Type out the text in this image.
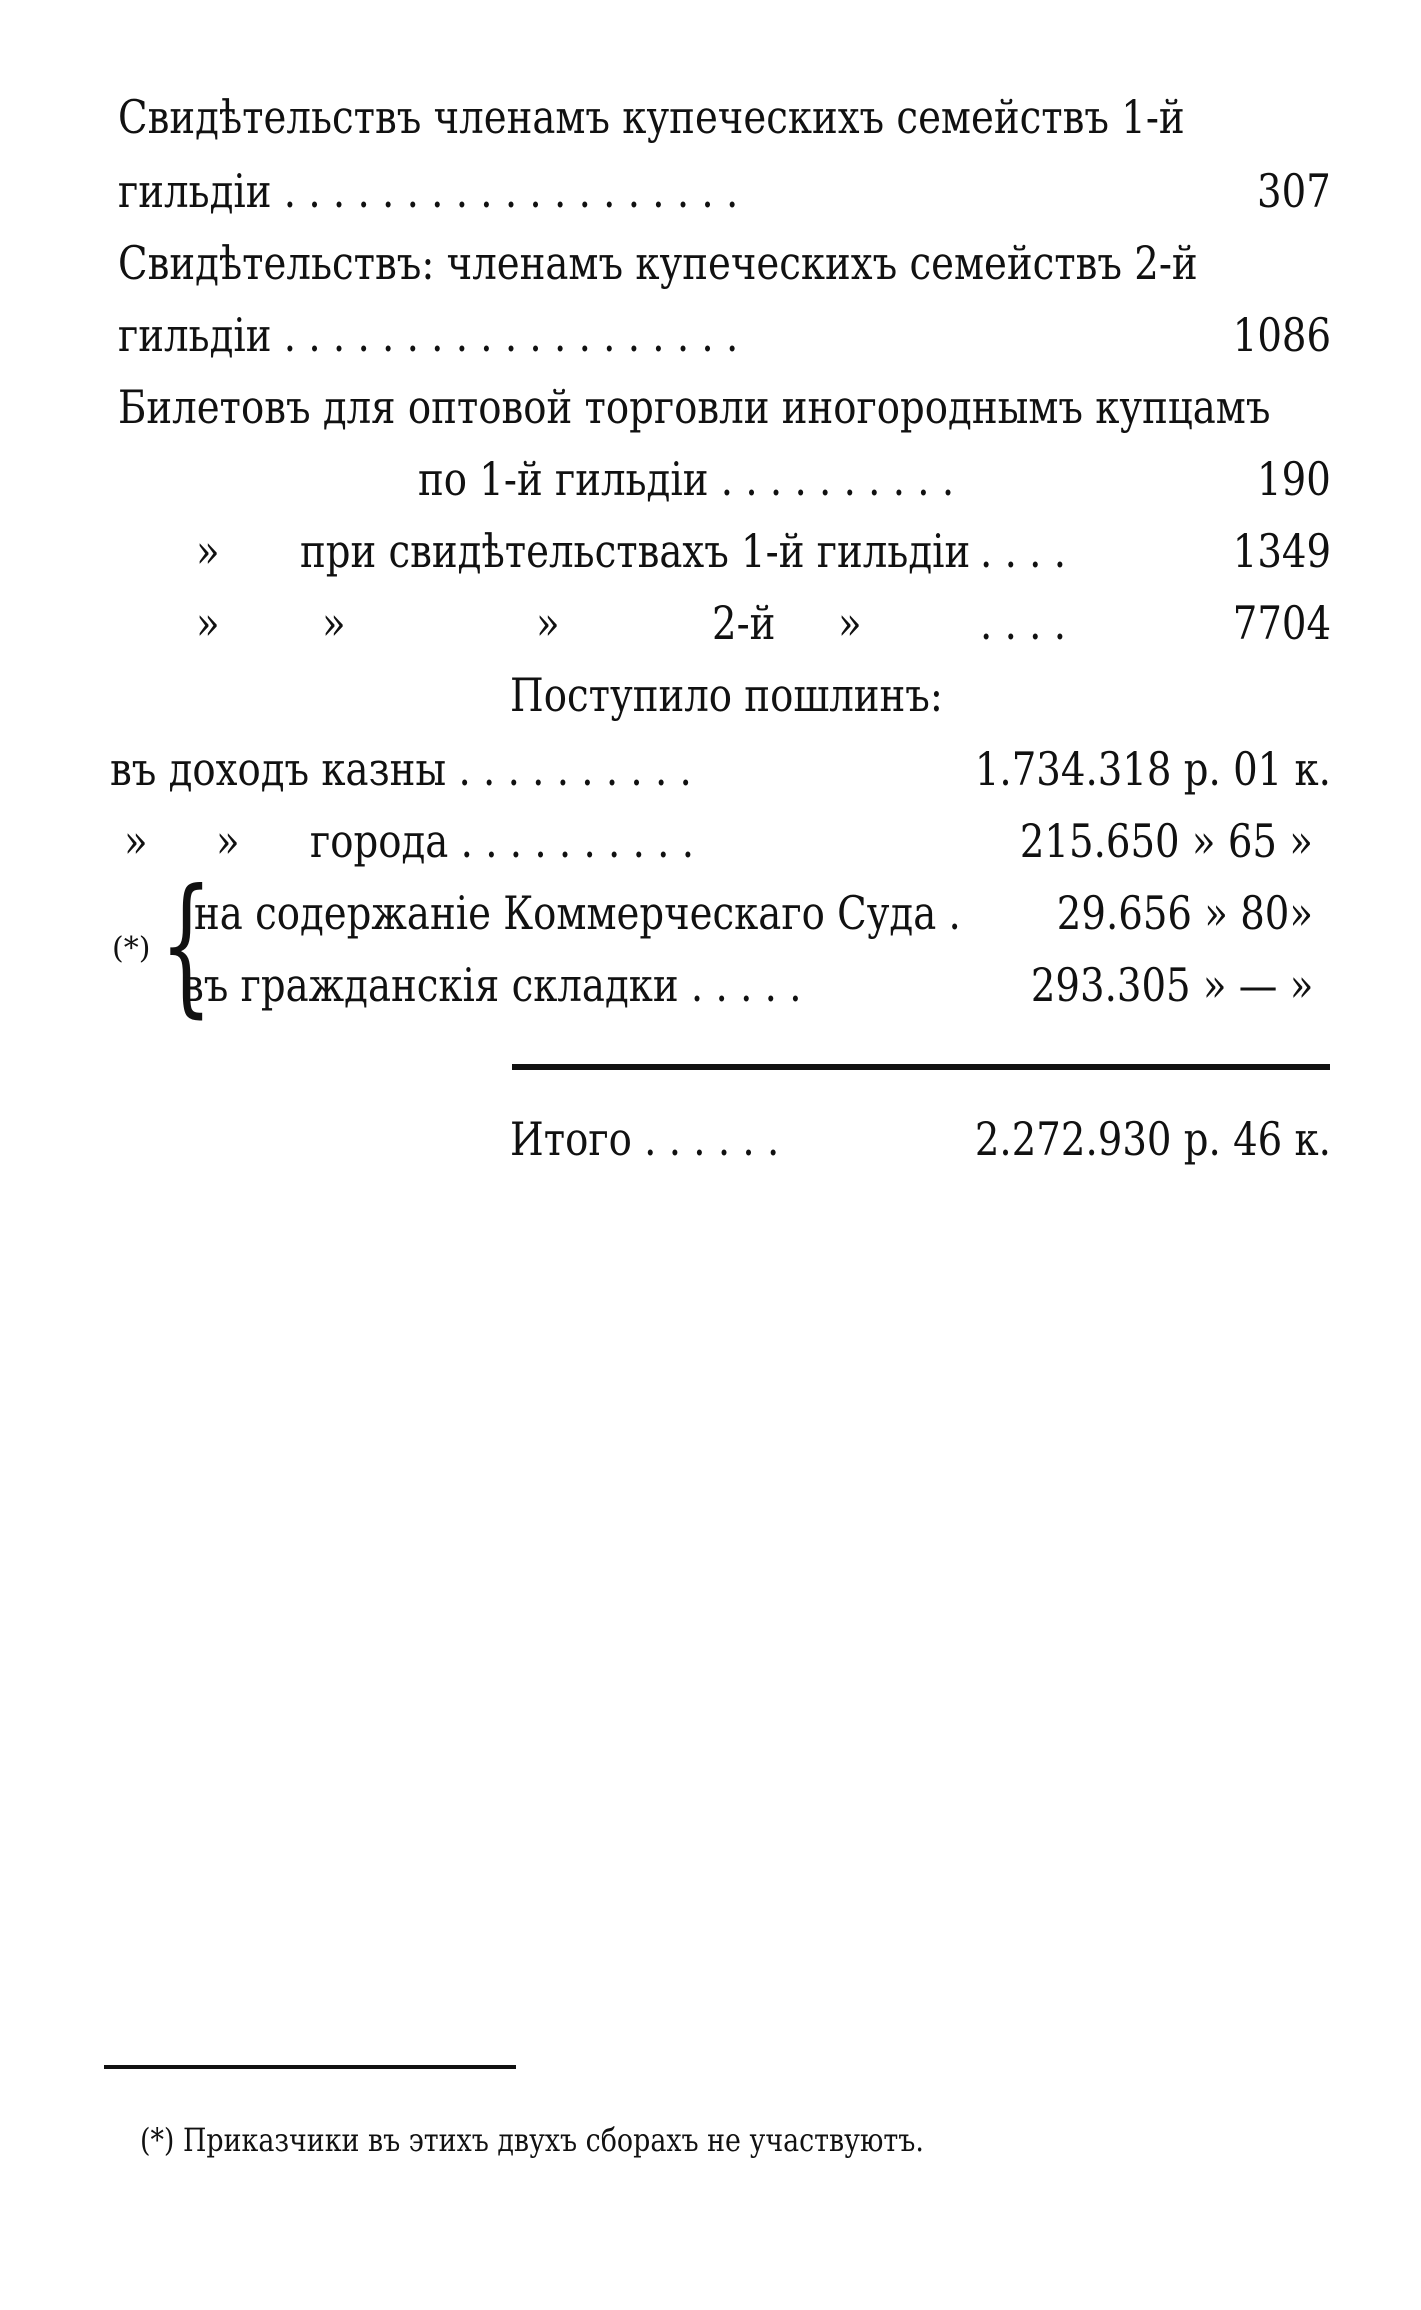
Свидѣтельствъ членамъ купеческихъ семействъ 1-й
гильдіи . . . . . . . . . . . . . . . . . . .	307
Свидѣтельствъ: членамъ купеческихъ семействъ 2-й
гильдіи . . . . . . . . . . . . . . . . . . .	1086
Билетовъ для оптовой торговли иногороднымъ купцамъ
по 1-й гильдіи . . . . . . . . . .	190
» при свидѣтельствахъ 1-й гильдіи . . . .	1349
» »	»	2-й »	. . . .	7704
Поступило пошлинъ:
въ доходъ казны . . . . . . . . . .	1.734.318 р. 01 к.
» » города . . . . . . . . . .	215.650 » 65 »
(*) {
на содержаніе Коммерческаго Суда . 29.656 » 80»
въ гражданскія складки . . . . .	293.305 » — »
Итого . . . . . .	2.272.930 р. 46 к.
(*) Приказчики въ этихъ двухъ сборахъ не участвуютъ.
